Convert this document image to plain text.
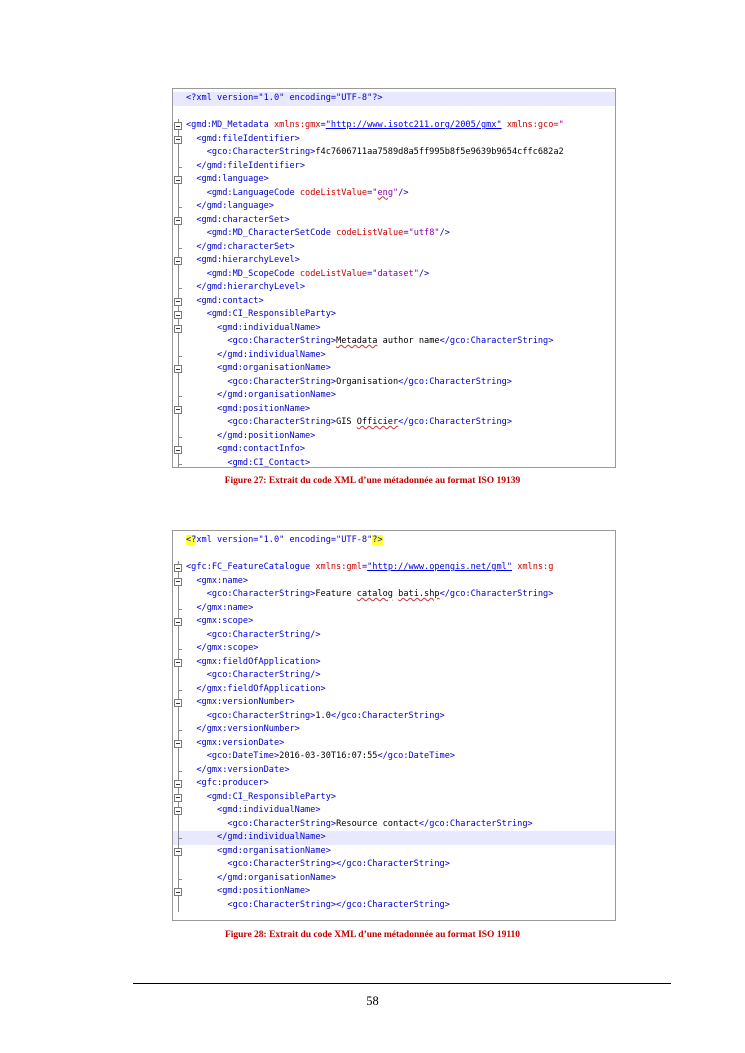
<?xml version="1.0" encoding="UTF-8"?>
<gmd:MD_Metadata xmlns:gmx="http://www.isotc211.org/2005/gmx" xmlns:gco="
<gmd:fileIdentifier>
<gco:CharacterString>f4c7606711aa7589d8a5ff995b8f5e9639b9654cffc682a2
</gmd:fileIdentifier>
<gmd:language>
<gmd:LanguageCode codeListValue="eng"/>
</gmd:language>
<gmd:characterSet>
<gmd:MD_CharacterSetCode codeListValue="utf8"/>
</gmd:characterSet>
<gmd:hierarchyLevel>
<gmd:MD_ScopeCode codeListValue="dataset"/>
</gmd:hierarchyLevel>
<gmd:contact>
<gmd:CI_ResponsibleParty>
<gmd:individualName>
<gco:CharacterString>Metadata author name</gco:CharacterString>
</gmd:individualName>
<gmd:organisationName>
<gco:CharacterString>Organisation</gco:CharacterString>
</gmd:organisationName>
<gmd:positionName>
<gco:CharacterString>GIS Officier</gco:CharacterString>
</gmd:positionName>
<gmd:contactInfo>
<gmd:CI_Contact>
Figure 27: Extrait du code XML d’une métadonnée au format ISO 19139
<?xml version="1.0" encoding="UTF-8"?>
<gfc:FC_FeatureCatalogue xmlns:gml="http://www.opengis.net/gml" xmlns:g
<gmx:name>
<gco:CharacterString>Feature catalog bati.shp</gco:CharacterString>
</gmx:name>
<gmx:scope>
<gco:CharacterString/>
</gmx:scope>
<gmx:fieldOfApplication>
<gco:CharacterString/>
</gmx:fieldOfApplication>
<gmx:versionNumber>
<gco:CharacterString>1.0</gco:CharacterString>
</gmx:versionNumber>
<gmx:versionDate>
<gco:DateTime>2016-03-30T16:07:55</gco:DateTime>
</gmx:versionDate>
<gfc:producer>
<gmd:CI_ResponsibleParty>
<gmd:individualName>
<gco:CharacterString>Resource contact</gco:CharacterString>
</gmd:individualName>
<gmd:organisationName>
<gco:CharacterString></gco:CharacterString>
</gmd:organisationName>
<gmd:positionName>
<gco:CharacterString></gco:CharacterString>
Figure 28: Extrait du code XML d’une métadonnée au format ISO 19110
58
